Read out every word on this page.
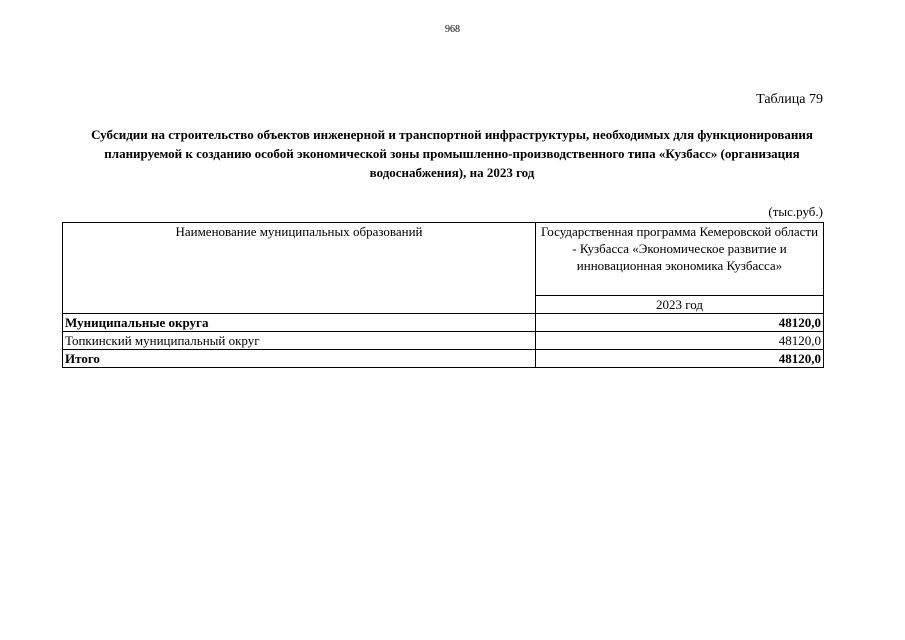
968
Таблица 79
Субсидии на строительство объектов инженерной и транспортной инфраструктуры, необходимых для функционирования планируемой к созданию особой экономической зоны промышленно-производственного типа «Кузбасс» (организация водоснабжения), на 2023 год
(тыс.руб.)
Наименование муниципальных образований	Государственная программа Кемеровской области - Кузбасса «Экономическое развитие и инновационная экономика Кузбасса»
	2023 год
Муниципальные округа	48120,0
Топкинский муниципальный округ	48120,0
Итого	48120,0
